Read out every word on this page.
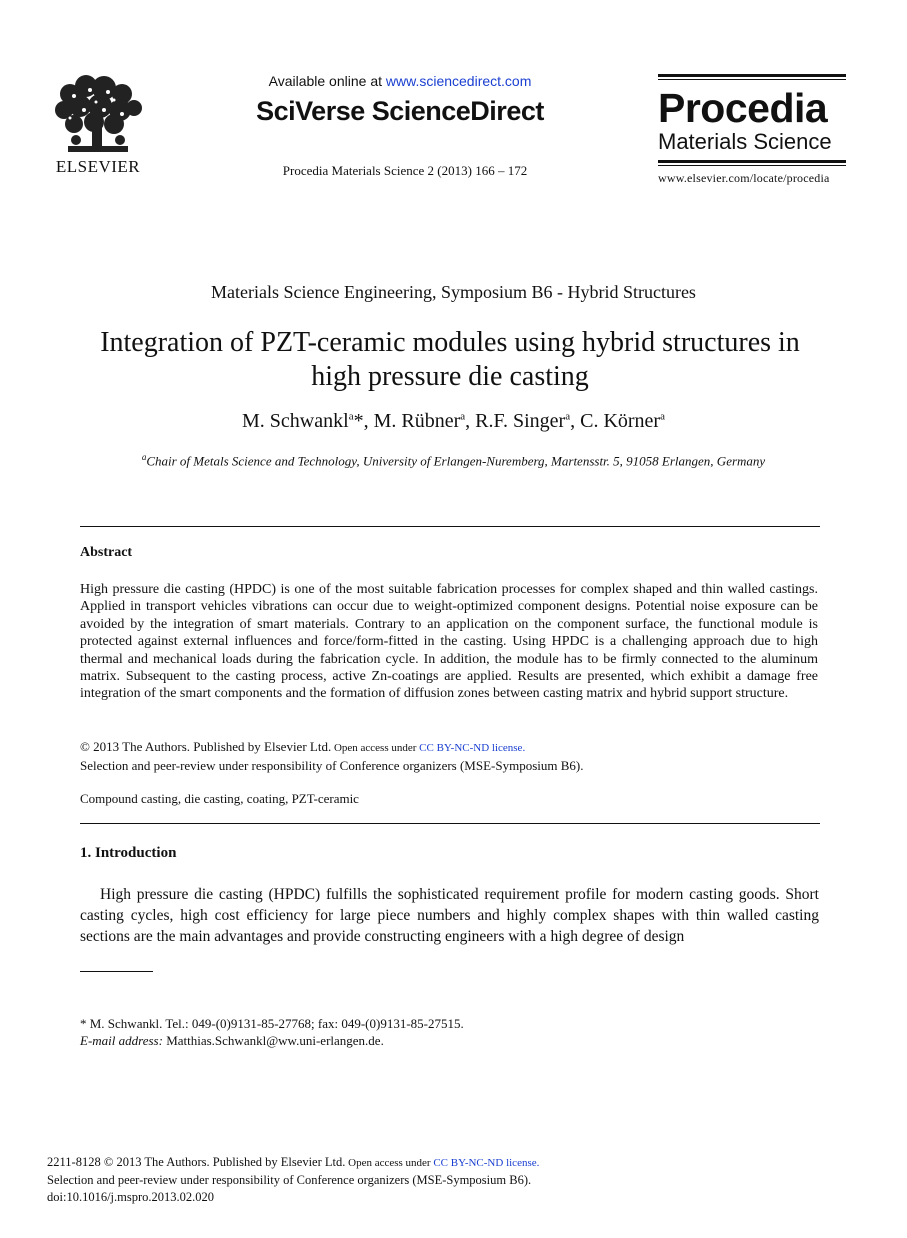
ELSEVIER
Available online at www.sciencedirect.com
SciVerse ScienceDirect
Procedia Materials Science 2 (2013) 166 – 172
Procedia
Materials Science
www.elsevier.com/locate/procedia
Materials Science Engineering, Symposium B6 - Hybrid Structures
Integration of PZT-ceramic modules using hybrid structures in high pressure die casting
M. Schwankl$^a$*, M. Rübner$^a$, R.F. Singer$^a$, C. Körner$^a$
$^a$Chair of Metals Science and Technology, University of Erlangen-Nuremberg, Martensstr. 5, 91058 Erlangen, Germany
Abstract
High pressure die casting (HPDC) is one of the most suitable fabrication processes for complex shaped and thin walled castings. Applied in transport vehicles vibrations can occur due to weight-optimized component designs. Potential noise exposure can be avoided by the integration of smart materials. Contrary to an application on the component surface, the functional module is protected against external influences and force/form-fitted in the casting. Using HPDC is a challenging approach due to high thermal and mechanical loads during the fabrication cycle. In addition, the module has to be firmly connected to the aluminum matrix. Subsequent to the casting process, active Zn-coatings are applied. Results are presented, which exhibit a damage free integration of the smart components and the formation of diffusion zones between casting matrix and hybrid support structure.
© 2013 The Authors. Published by Elsevier Ltd. Open access under CC BY-NC-ND license.
Selection and peer-review under responsibility of Conference organizers (MSE-Symposium B6).
Compound casting, die casting, coating, PZT-ceramic
1. Introduction
High pressure die casting (HPDC) fulfills the sophisticated requirement profile for modern casting goods. Short casting cycles, high cost efficiency for large piece numbers and highly complex shapes with thin walled casting sections are the main advantages and provide constructing engineers with a high degree of design
* M. Schwankl. Tel.: 049-(0)9131-85-27768; fax: 049-(0)9131-85-27515.
E-mail address: Matthias.Schwankl@ww.uni-erlangen.de.
2211-8128 © 2013 The Authors. Published by Elsevier Ltd. Open access under CC BY-NC-ND license.
Selection and peer-review under responsibility of Conference organizers (MSE-Symposium B6).
doi:10.1016/j.mspro.2013.02.020
